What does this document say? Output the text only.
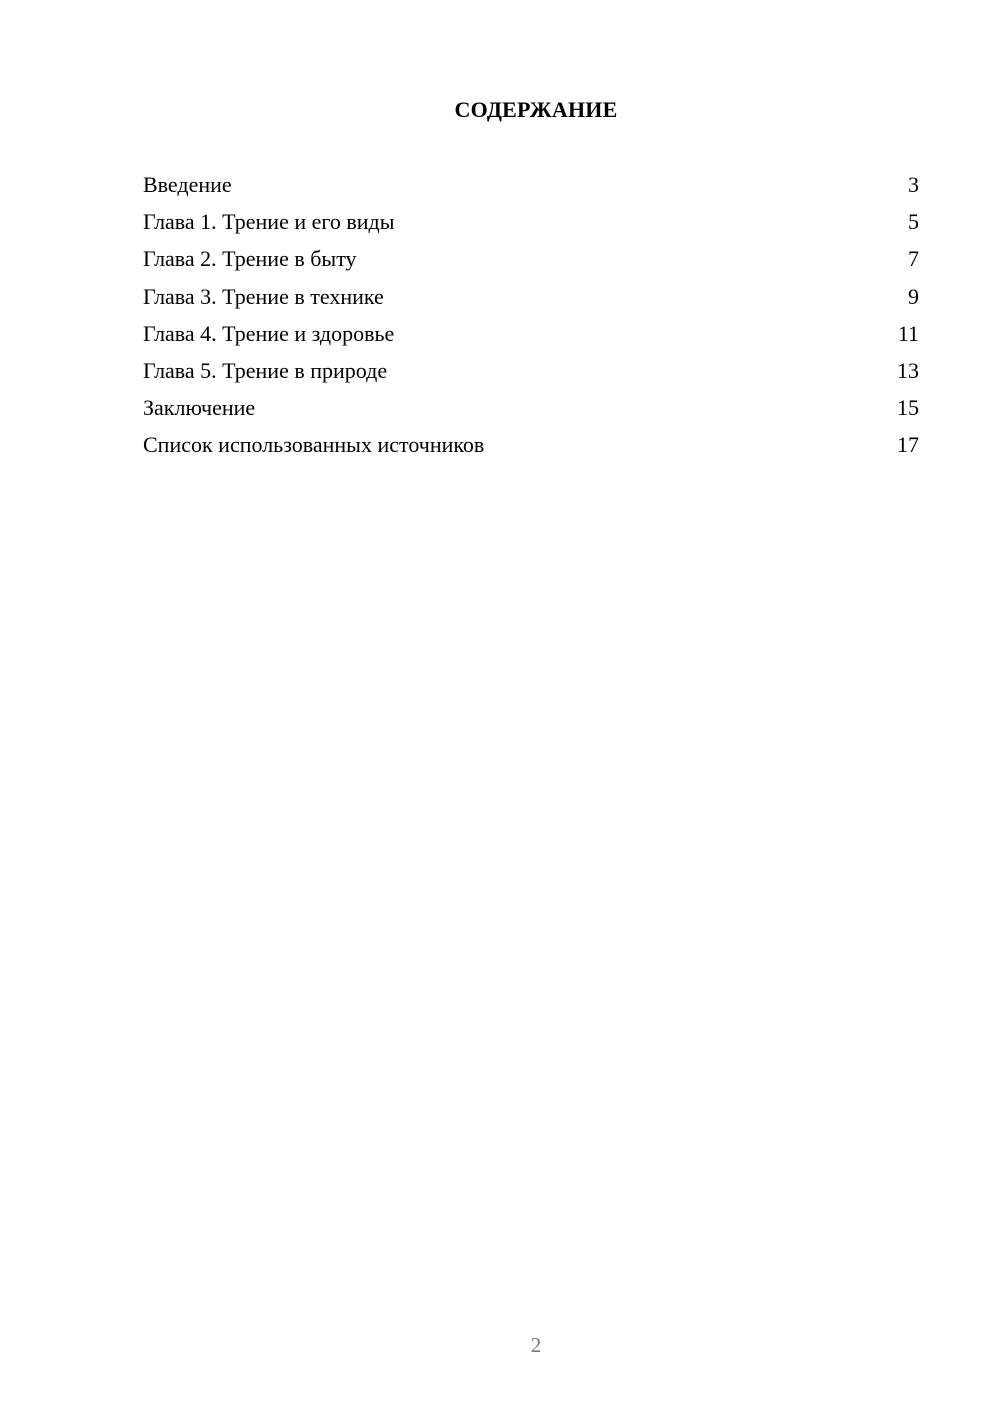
СОДЕРЖАНИЕ
Введение	3
Глава 1. Трение и его виды	5
Глава 2. Трение в быту	7
Глава 3. Трение в технике	9
Глава 4. Трение и здоровье	11
Глава 5. Трение в природе	13
Заключение	15
Список использованных источников	17
2
